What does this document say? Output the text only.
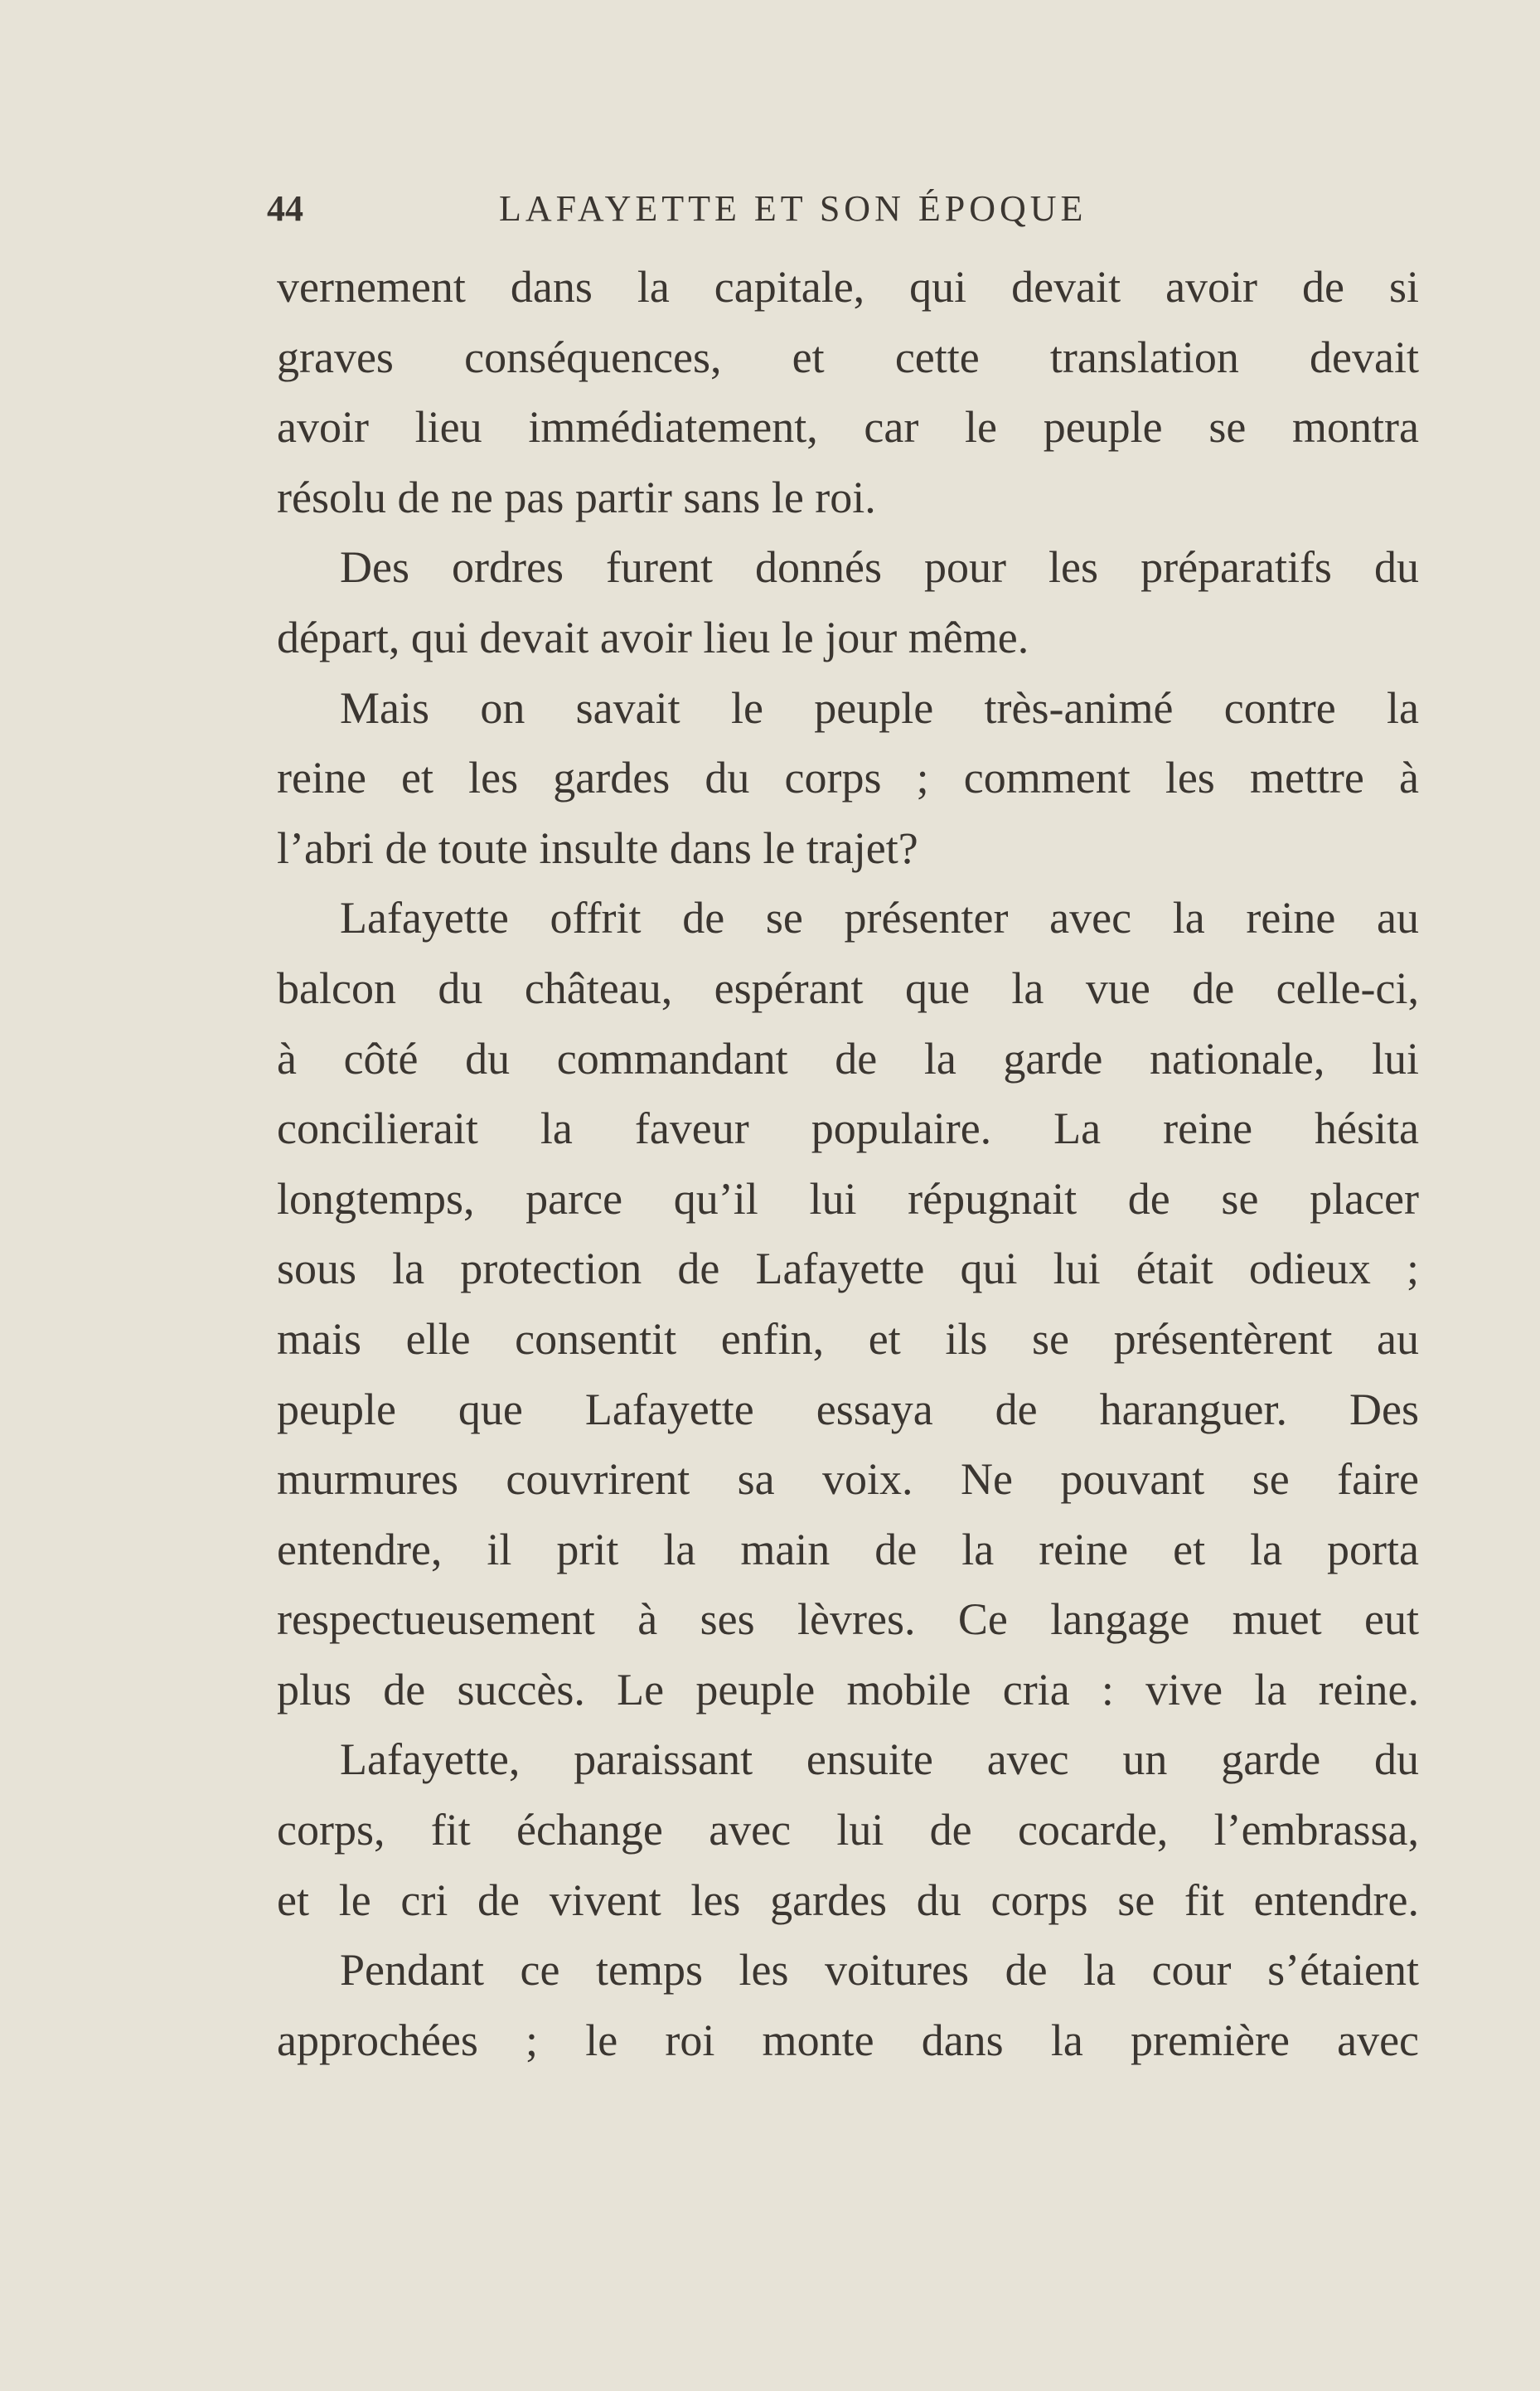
44	LAFAYETTE ET SON ÉPOQUE
vernement dans la capitale, qui devait avoir de si
graves conséquences, et cette translation devait
avoir lieu immédiatement, car le peuple se montra
résolu de ne pas partir sans le roi.
Des ordres furent donnés pour les préparatifs du
départ, qui devait avoir lieu le jour même.
Mais on savait le peuple très-animé contre la
reine et les gardes du corps ; comment les mettre à
l’abri de toute insulte dans le trajet?
Lafayette offrit de se présenter avec la reine au
balcon du château, espérant que la vue de celle-ci,
à côté du commandant de la garde nationale, lui
concilierait la faveur populaire. La reine hésita
longtemps, parce qu’il lui répugnait de se placer
sous la protection de Lafayette qui lui était odieux ;
mais elle consentit enfin, et ils se présentèrent au
peuple que Lafayette essaya de haranguer. Des
murmures couvrirent sa voix. Ne pouvant se faire
entendre, il prit la main de la reine et la porta
respectueusement à ses lèvres. Ce langage muet eut
plus de succès. Le peuple mobile cria : vive la reine.
Lafayette, paraissant ensuite avec un garde du
corps, fit échange avec lui de cocarde, l’embrassa,
et le cri de vivent les gardes du corps se fit entendre.
Pendant ce temps les voitures de la cour s’étaient
approchées ; le roi monte dans la première avec
